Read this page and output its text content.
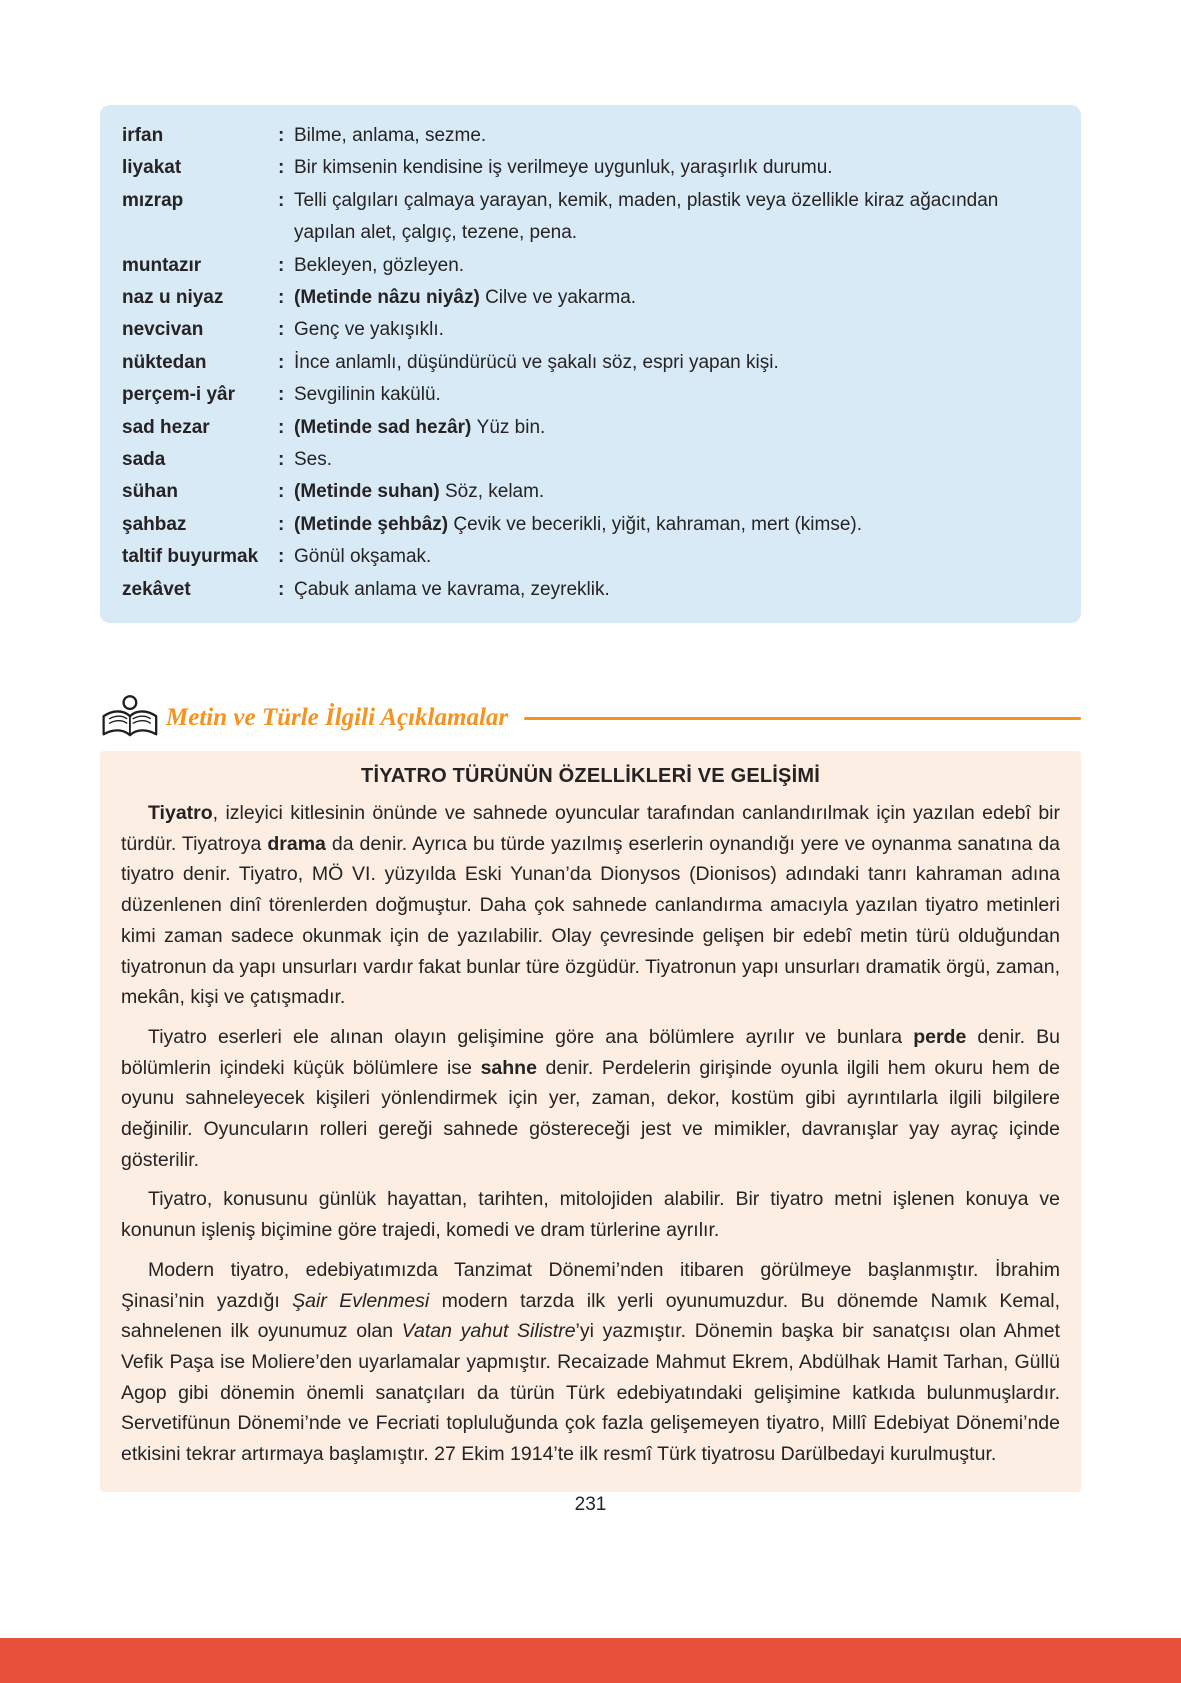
irfan	: Bilme, anlama, sezme.
liyakat	: Bir kimsenin kendisine iş verilmeye uygunluk, yaraşırlık durumu.
mızrap	: Telli çalgıları çalmaya yarayan, kemik, maden, plastik veya özellikle kiraz ağacından yapılan alet, çalgıç, tezene, pena.
muntazır	: Bekleyen, gözleyen.
naz u niyaz	: (Metinde nâzu niyâz) Cilve ve yakarma.
nevcivan	: Genç ve yakışıklı.
nüktedan	: İnce anlamlı, düşündürücü ve şakalı söz, espri yapan kişi.
perçem-i yâr	: Sevgilinin kakülü.
sad hezar	: (Metinde sad hezâr) Yüz bin.
sada	: Ses.
sühan	: (Metinde suhan) Söz, kelam.
şahbaz	: (Metinde şehbâz) Çevik ve becerikli, yiğit, kahraman, mert (kimse).
taltif buyurmak	: Gönül okşamak.
zekâvet	: Çabuk anlama ve kavrama, zeyreklik.
Metin ve Türle İlgili Açıklamalar
TİYATRO TÜRÜNÜN ÖZELLİKLERİ VE GELİŞİMİ

Tiyatro, izleyici kitlesinin önünde ve sahnede oyuncular tarafından canlandırılmak için yazılan edebî bir türdür. Tiyatroya drama da denir. Ayrıca bu türde yazılmış eserlerin oynandığı yere ve oynanma sanatına da tiyatro denir. Tiyatro, MÖ VI. yüzyılda Eski Yunan’da Dionysos (Dionisos) adındaki tanrı kahraman adına düzenlenen dinî törenlerden doğmuştur. Daha çok sahnede canlandırma amacıyla yazılan tiyatro metinleri kimi zaman sadece okunmak için de yazılabilir. Olay çevresinde gelişen bir edebî metin türü olduğundan tiyatronun da yapı unsurları vardır fakat bunlar türe özgüdür. Tiyatronun yapı unsurları dramatik örgü, zaman, mekân, kişi ve çatışmadır.

Tiyatro eserleri ele alınan olayın gelişimine göre ana bölümlere ayrılır ve bunlara perde denir. Bu bölümlerin içindeki küçük bölümlere ise sahne denir. Perdelerin girişinde oyunla ilgili hem okuru hem de oyunu sahneleyecek kişileri yönlendirmek için yer, zaman, dekor, kostüm gibi ayrıntılarla ilgili bilgilere değinilir. Oyuncuların rolleri gereği sahnede göstereceği jest ve mimikler, davranışlar yay ayraç içinde gösterilir.

Tiyatro, konusunu günlük hayattan, tarihten, mitolojiden alabilir. Bir tiyatro metni işlenen konuya ve konunun işleniş biçimine göre trajedi, komedi ve dram türlerine ayrılır.

Modern tiyatro, edebiyatımızda Tanzimat Dönemi’nden itibaren görülmeye başlanmıştır. İbrahim Şinasi’nin yazdığı Şair Evlenmesi modern tarzda ilk yerli oyunumuzdur. Bu dönemde Namık Kemal, sahnelenen ilk oyunumuz olan Vatan yahut Silistre’yi yazmıştır. Dönemin başka bir sanatçısı olan Ahmet Vefik Paşa ise Moliere’den uyarlamalar yapmıştır. Recaizade Mahmut Ekrem, Abdülhak Hamit Tarhan, Güllü Agop gibi dönemin önemli sanatçıları da türün Türk edebiyatındaki gelişimine katkıda bulunmuşlardır. Servetifünun Dönemi’nde ve Fecriati topluluğunda çok fazla gelişemeyen tiyatro, Millî Edebiyat Dönemi’nde etkisini tekrar artırmaya başlamıştır. 27 Ekim 1914’te ilk resmî Türk tiyatrosu Darülbedayi kurulmuştur.

231
